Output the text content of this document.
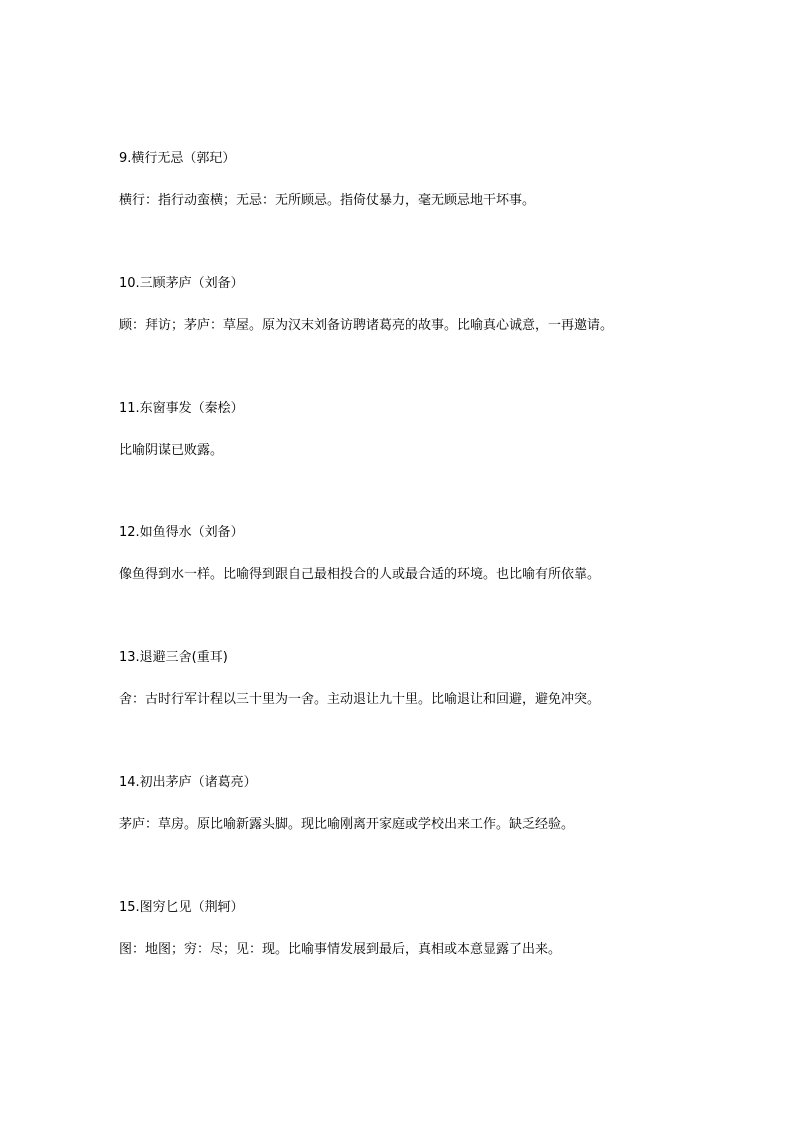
9.横行无忌（郭玘）
横行：指行动蛮横；无忌：无所顾忌。指倚仗暴力，毫无顾忌地干坏事。
10.三顾茅庐（刘备）
顾：拜访；茅庐：草屋。原为汉末刘备访聘诸葛亮的故事。比喻真心诚意，一再邀请。
11.东窗事发（秦桧）
比喻阴谋已败露。
12.如鱼得水（刘备）
像鱼得到水一样。比喻得到跟自己最相投合的人或最合适的环境。也比喻有所依靠。
13.退避三舍(重耳)
舍：古时行军计程以三十里为一舍。主动退让九十里。比喻退让和回避，避免冲突。
14.初出茅庐（诸葛亮）
茅庐：草房。原比喻新露头脚。现比喻刚离开家庭或学校出来工作。缺乏经验。
15.图穷匕见（荆轲）
图：地图；穷：尽；见：现。比喻事情发展到最后，真相或本意显露了出来。
